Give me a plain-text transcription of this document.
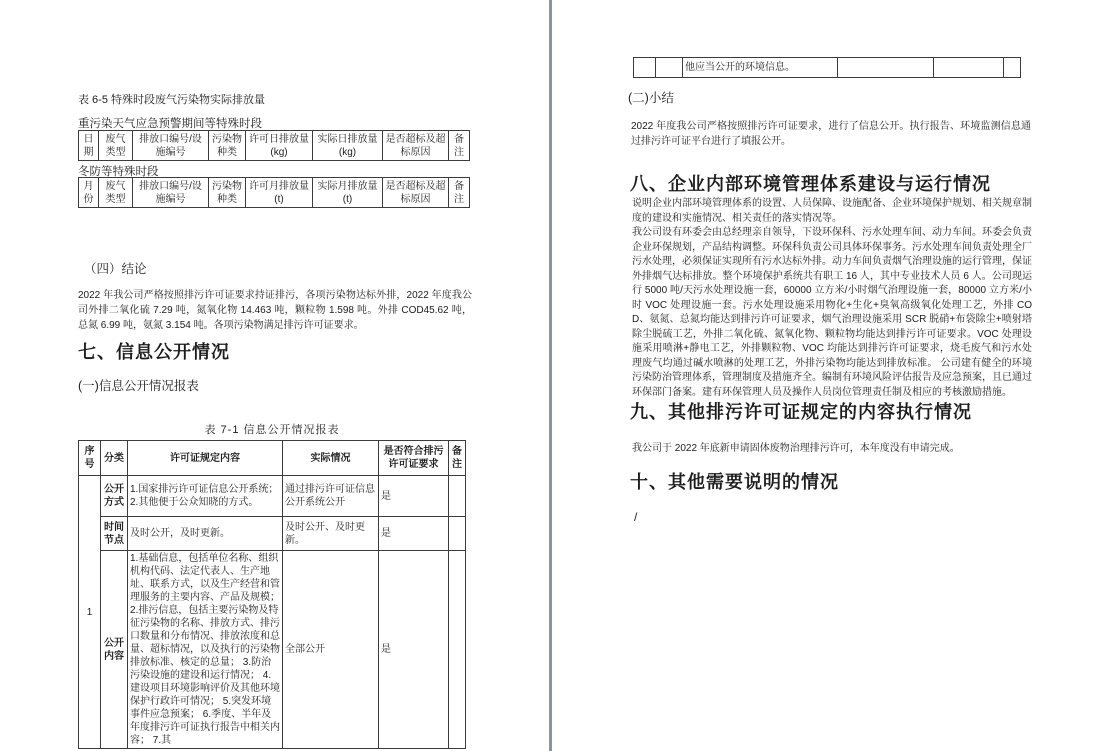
表 6-5 特殊时段废气污染物实际排放量
重污染天气应急预警期间等特殊时段
日期	废气类型	排放口编号/设施编号	污染物种类	许可日排放量(kg)	实际日排放量(kg)	是否超标及超标原因	备注
冬防等特殊时段
月份	废气类型	排放口编号/设施编号	污染物种类	许可月排放量(t)	实际月排放量(t)	是否超标及超标原因	备注
（四）结论
2022 年我公司严格按照排污许可证要求持证排污，各项污染物达标外排，2022 年度我公司外排二氧化硫 7.29 吨，氮氧化物 14.463 吨，颗粒物 1.598 吨。外排 COD45.62 吨，总氮 6.99 吨，氨氮 3.154 吨。各项污染物满足排污许可证要求。
七、信息公开情况
(一)信息公开情况报表
表 7-1 信息公开情况报表
序号	分类	许可证规定内容	实际情况	是否符合排污许可证要求	备注
1	公开方式	1.国家排污许可证信息公开系统；2.其他便于公众知晓的方式。	通过排污许可证信息公开系统公开	是	
	时间节点	及时公开，及时更新。	及时公开、及时更新。	是	
	公开内容	1.基础信息，包括单位名称、组织机构代码、法定代表人、生产地址、联系方式，以及生产经营和管理服务的主要内容、产品及规模；2.排污信息，包括主要污染物及特征污染物的名称、排放方式、排污口数量和分布情况、排放浓度和总量、超标情况，以及执行的污染物排放标准、核定的总量； 3.防治污染设施的建设和运行情况； 4.建设项目环境影响评价及其他环境保护行政许可情况； 5.突发环境事件应急预案； 6.季度、半年及年度排污许可证执行报告中相关内容； 7.其	全部公开	是	
		他应当公开的环境信息。			
(二)小结
2022 年度我公司严格按照排污许可证要求，进行了信息公开。执行报告、环境监测信息通过排污许可证平台进行了填报公开。
八、企业内部环境管理体系建设与运行情况
说明企业内部环境管理体系的设置、人员保障、设施配备、企业环境保护规划、相关规章制度的建设和实施情况、相关责任的落实情况等。
我公司设有环委会由总经理亲自领导，下设环保科、污水处理车间、动力车间。环委会负责企业环保规划，产品结构调整。环保科负责公司具体环保事务。污水处理车间负责处理全厂污水处理，必须保证实现所有污水达标外排。动力车间负责烟气治理设施的运行管理，保证外排烟气达标排放。整个环境保护系统共有职工 16 人，其中专业技术人员 6 人。公司现运行 5000 吨/天污水处理设施一套，60000 立方米/小时烟气治理设施一套，80000 立方米/小时 VOC 处理设施一套。污水处理设施采用物化+生化+臭氧高级氧化处理工艺，外排 COD、氨氮、总氮均能达到排污许可证要求，烟气治理设施采用 SCR 脱硝+布袋除尘+喷射塔除尘脱硫工艺，外排二氧化硫、氮氧化物、颗粒物均能达到排污许可证要求。VOC 处理设施采用喷淋+静电工艺，外排颗粒物、VOC 均能达到排污许可证要求，烧毛废气和污水处理废气均通过碱水喷淋的处理工艺，外排污染物均能达到排放标准。 公司建有健全的环境污染防治管理体系，管理制度及措施齐全。编制有环境风险评估报告及应急预案，且已通过环保部门备案。建有环保管理人员及操作人员岗位管理责任制及相应的考核激励措施。
九、其他排污许可证规定的内容执行情况
我公司于 2022 年底新申请固体废物治理排污许可，本年度没有申请完成。
十、其他需要说明的情况
/
